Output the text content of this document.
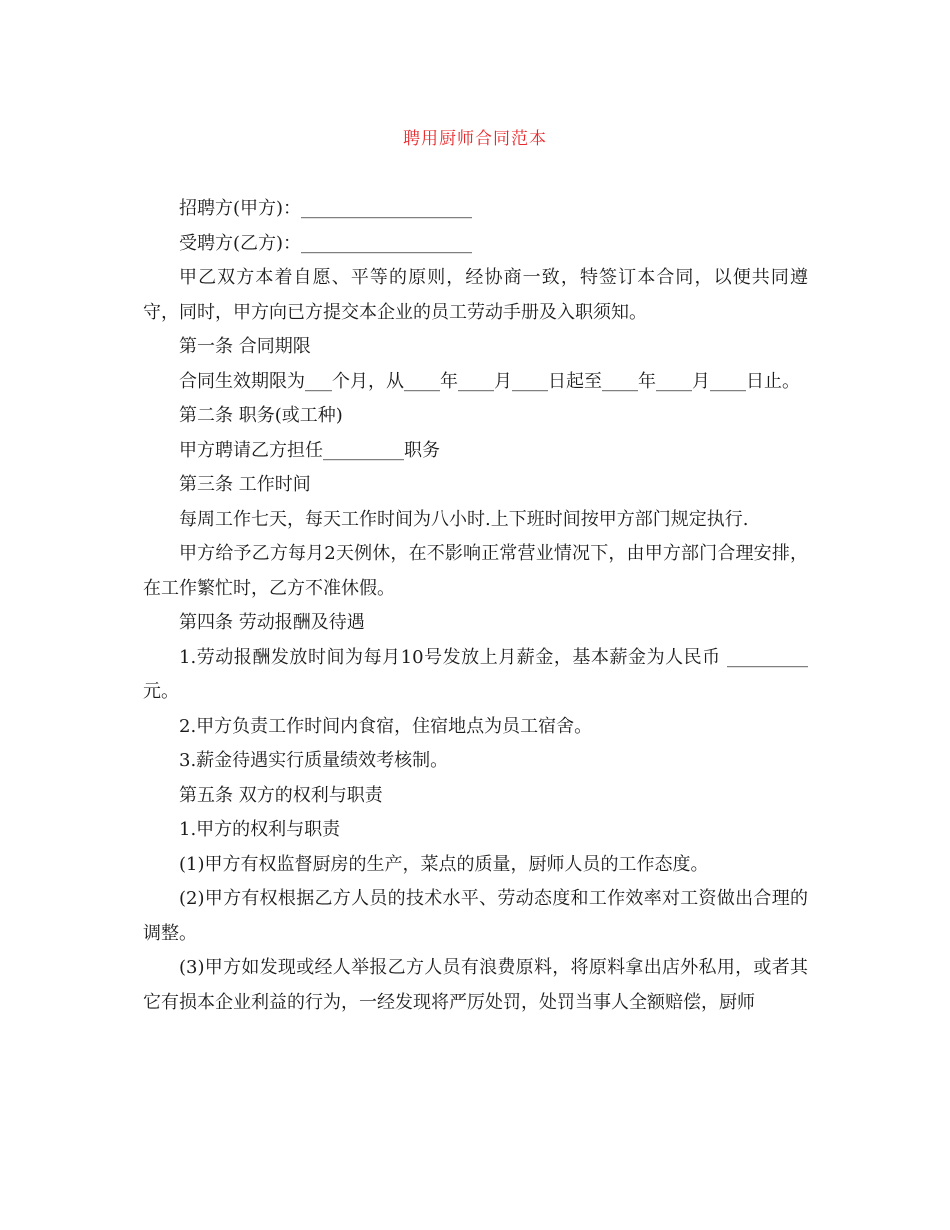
聘用厨师合同范本

招聘方(甲方)：___________________

受聘方(乙方)：___________________

甲乙双方本着自愿、平等的原则，经协商一致，特签订本合同，以便共同遵守，同时，甲方向已方提交本企业的员工劳动手册及入职须知。

第一条 合同期限

合同生效期限为___个月，从____年____月____日起至____年____月____日止。

第二条 职务(或工种)

甲方聘请乙方担任_________职务

第三条 工作时间

每周工作七天，每天工作时间为八小时.上下班时间按甲方部门规定执行.

甲方给予乙方每月2天例休，在不影响正常营业情况下，由甲方部门合理安排，在工作繁忙时，乙方不准休假。

第四条 劳动报酬及待遇

1.劳动报酬发放时间为每月10号发放上月薪金，基本薪金为人民币 _________元。

2.甲方负责工作时间内食宿，住宿地点为员工宿舍。

3.薪金待遇实行质量绩效考核制。

第五条 双方的权利与职责

1.甲方的权利与职责

(1)甲方有权监督厨房的生产，菜点的质量，厨师人员的工作态度。

(2)甲方有权根据乙方人员的技术水平、劳动态度和工作效率对工资做出合理的调整。

(3)甲方如发现或经人举报乙方人员有浪费原料，将原料拿出店外私用，或者其它有损本企业利益的行为，一经发现将严厉处罚，处罚当事人全额赔偿，厨师
